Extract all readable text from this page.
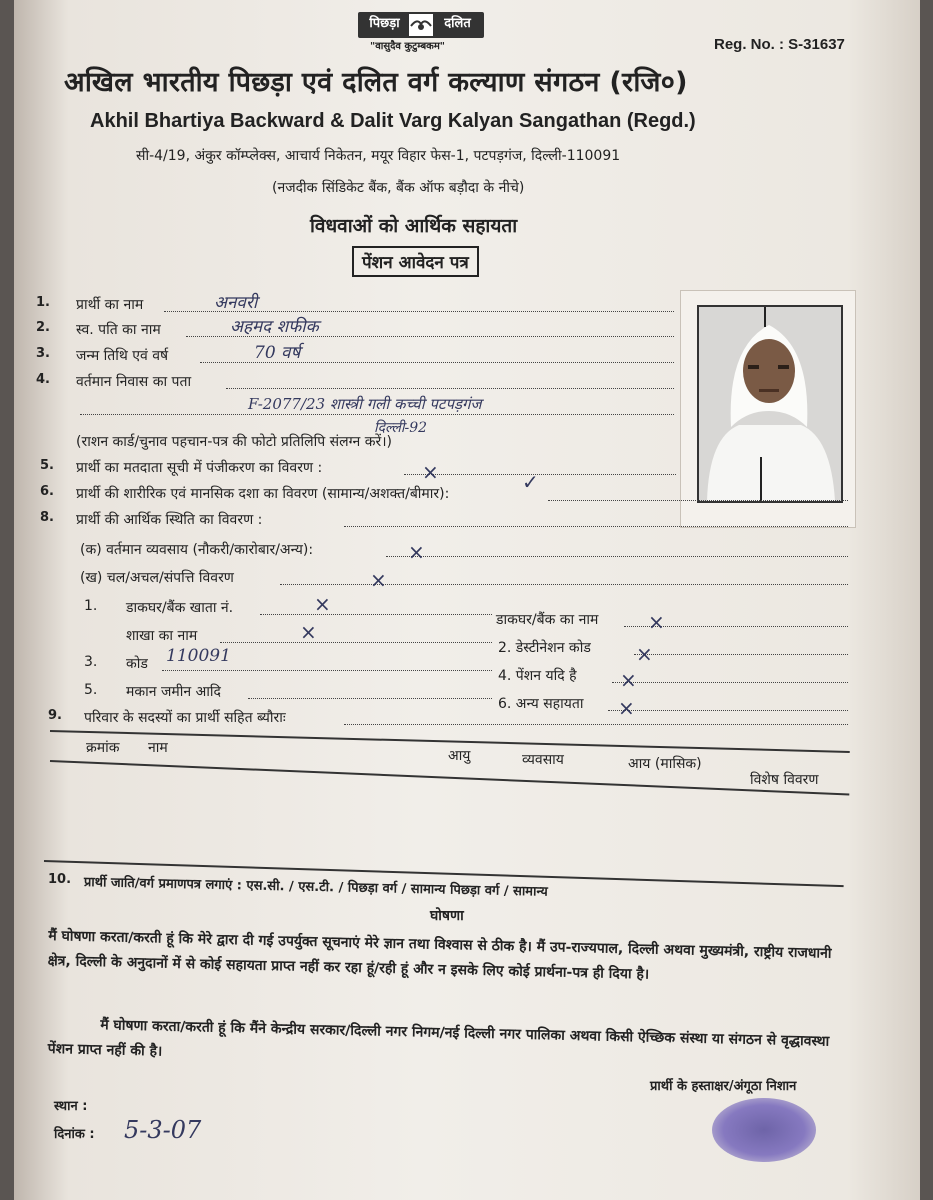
पिछड़ा	दलित
"वासुदैव कुटुम्बकम"	Reg. No. : S-31637
अखिल भारतीय पिछड़ा एवं दलित वर्ग कल्याण संगठन (रजि०)
Akhil Bhartiya Backward & Dalit Varg Kalyan Sangathan (Regd.)
सी-4/19, अंकुर कॉम्प्लेक्स, आचार्य निकेतन, मयूर विहार फेस-1, पटपड़गंज, दिल्ली-110091
(नजदीक सिंडिकेट बैंक, बैंक ऑफ बड़ौदा के नीचे)
विधवाओं को आर्थिक सहायता
पेंशन आवेदन पत्र
1. प्रार्थी का नाम	अनवरी
2. स्व. पति का नाम	अहमद शफीक
3. जन्म तिथि एवं वर्ष	70 वर्ष
4. वर्तमान निवास का पता
F-2077/23 शास्त्री गली कच्ची पटपड़गंज
दिल्ली-92
(राशन कार्ड/चुनाव पहचान-पत्र की फोटो प्रतिलिपि संलग्न करें।)
5. प्रार्थी का मतदाता सूची में पंजीकरण का विवरण :	×
6. प्रार्थी की शारीरिक एवं मानसिक दशा का विवरण (सामान्य/अशक्त/बीमार):	✓
8. प्रार्थी की आर्थिक स्थिति का विवरण :
(क) वर्तमान व्यवसाय (नौकरी/कारोबार/अन्य):	×
(ख) चल/अचल/संपत्ति विवरण	×
1. डाकघर/बैंक खाता नं.	×
डाकघर/बैंक का नाम ×
शाखा का नाम	×
2. डेस्टीनेशन कोड ×
3. कोड 110091
4. पेंशन यदि है ×
5. मकान जमीन आदि
6. अन्य सहायता ×
9. परिवार के सदस्यों का प्रार्थी सहित ब्यौराः
क्रमांक नाम	आयु	व्यवसाय	आय (मासिक)
विशेष विवरण
10. प्रार्थी जाति/वर्ग प्रमाणपत्र लगाएं : एस.सी. / एस.टी. / पिछड़ा वर्ग / सामान्य पिछड़ा वर्ग / सामान्य
घोषणा
मैं घोषणा करता/करती हूं कि मेरे द्वारा दी गई उपर्युक्त सूचनाएं मेरे ज्ञान तथा विश्वास से ठीक है। मैं उप-राज्यपाल, दिल्ली अथवा मुख्यमंत्री, राष्ट्रीय राजधानी क्षेत्र, दिल्ली के अनुदानों में से कोई सहायता प्राप्त नहीं कर रहा हूं/रही हूं और न इसके लिए कोई प्रार्थना-पत्र ही दिया है।
मैं घोषणा करता/करती हूं कि मैंने केन्द्रीय सरकार/दिल्ली नगर निगम/नई दिल्ली नगर पालिका अथवा किसी ऐच्छिक संस्था या संगठन से वृद्धावस्था पेंशन प्राप्त नहीं की है।
प्रार्थी के हस्ताक्षर/अंगूठा निशान
स्थान :
दिनांक : 5-3-07
